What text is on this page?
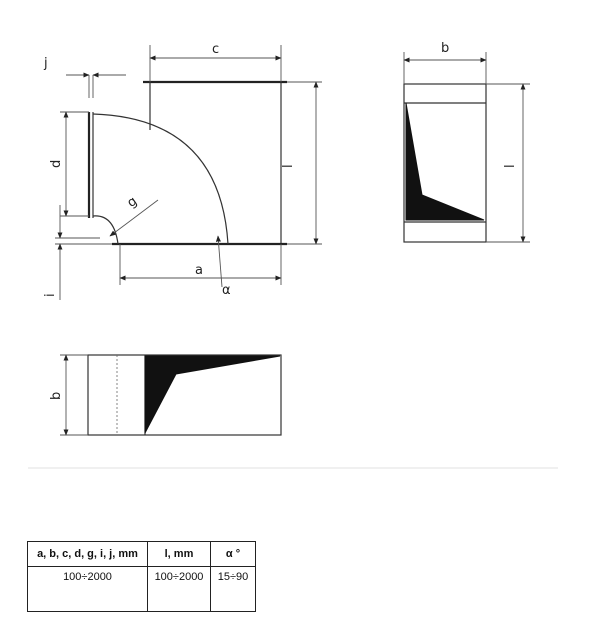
c
l
d
j
i
g
a
α
b
l
b
a, b, c, d, g, i, j, mm	l, mm	α °
100÷2000	100÷2000	15÷90
